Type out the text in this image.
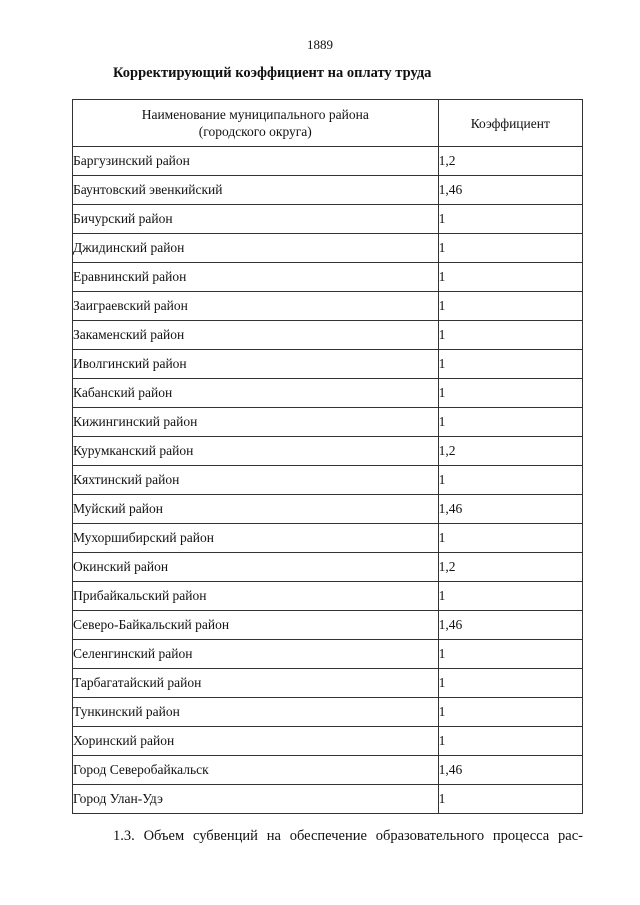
1889
Корректирующий коэффициент на оплату труда
Наименование муниципального района
(городского округа)	Коэффициент
Баргузинский район	1,2
Баунтовский эвенкийский	1,46
Бичурский район	1
Джидинский район	1
Еравнинский район	1
Заиграевский район	1
Закаменский район	1
Иволгинский район	1
Кабанский район	1
Кижингинский район	1
Курумканский район	1,2
Кяхтинский район	1
Муйский район	1,46
Мухоршибирский район	1
Окинский район	1,2
Прибайкальский район	1
Северо-Байкальский район	1,46
Селенгинский район	1
Тарбагатайский район	1
Тункинский район	1
Хоринский район	1
Город Северобайкальск	1,46
Город Улан-Удэ	1
1.3. Объем субвенций на обеспечение образовательного процесса рас-
